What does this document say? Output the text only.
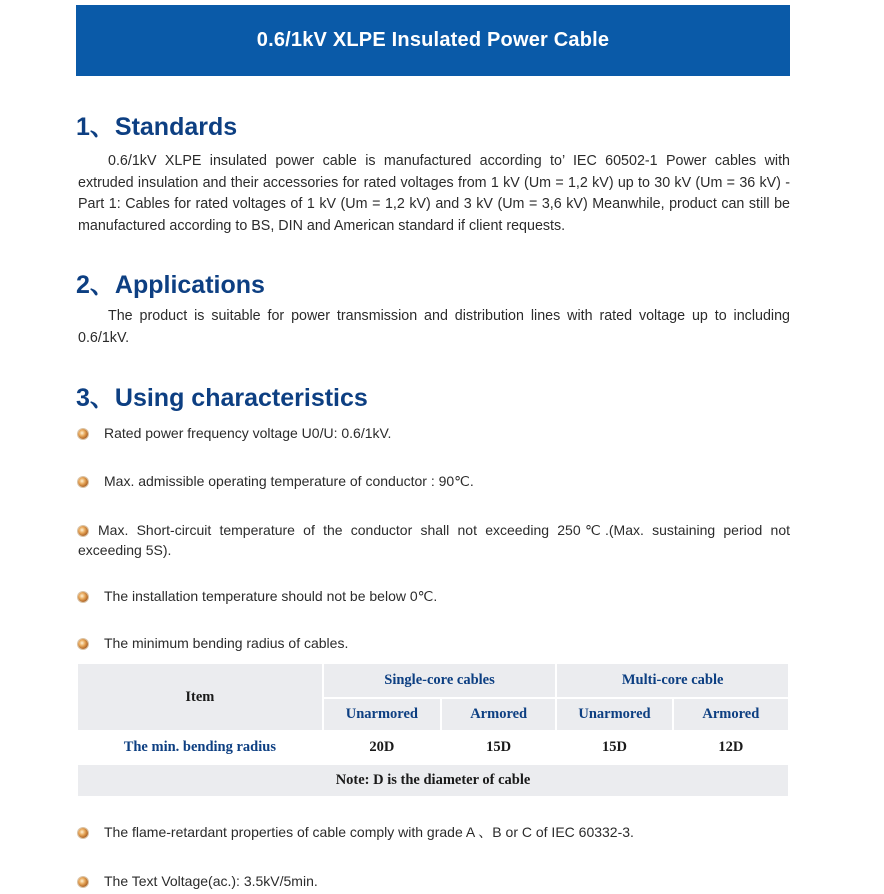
0.6/1kV XLPE Insulated Power Cable
1、Standards

0.6/1kV XLPE insulated power cable is manufactured according to’ IEC 60502-1 Power cables with extruded insulation and their accessories for rated voltages from 1 kV (Um = 1,2 kV) up to 30 kV (Um = 36 kV) -Part 1: Cables for rated voltages of 1 kV (Um = 1,2 kV) and 3 kV (Um = 3,6 kV) Meanwhile, product can still be manufactured according to BS, DIN and American standard if client requests.

2、Applications

The product is suitable for power transmission and distribution lines with rated voltage up to including 0.6/1kV.

3、Using characteristics
Rated power frequency voltage U0/U: 0.6/1kV.
Max. admissible operating temperature of conductor : 90℃.
Max. Short-circuit temperature of the conductor shall not exceeding 250℃.(Max. sustaining period not exceeding 5S).
The installation temperature should not be below 0℃.
The minimum bending radius of cables.
Item	Single-core cables		Multi-core cable	
	Unarmored	Armored	Unarmored	Armored
The min. bending radius	20D	15D	15D	12D
Note: D is the diameter of cable				
The flame-retardant properties of cable comply with grade A 、B or C of IEC 60332-3.
The Text Voltage(ac.): 3.5kV/5min.
